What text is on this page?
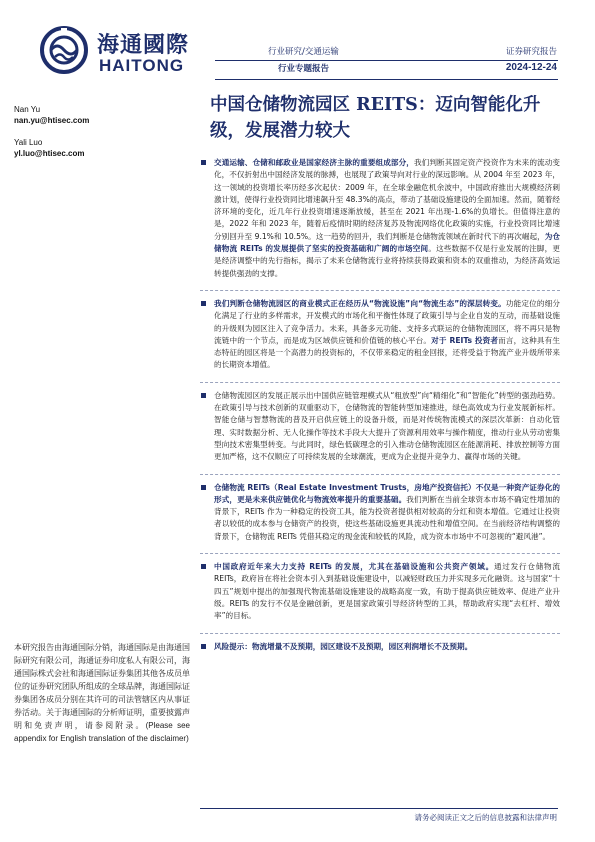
海通國際
HAITONG
行业研究/交通运输
行业专题报告
证券研究报告
2024-12-24
Nan Yu
nan.yu@htisec.com
Yali Luo
yl.luo@htisec.com
中国仓储物流园区 REITS：迈向智能化升级，发展潜力较大
交通运输、仓储和邮政业是国家经济主脉的重要组成部分，我们判断其固定资产投资作为未来的流动变化，不仅折射出中国经济发展的脉搏，也展现了政策导向对行业的深远影响。从 2004 年至 2023 年，这一领域的投资增长率历经多次起伏：2009 年，在全球金融危机余波中，中国政府推出大规模经济刺激计划，使得行业投资同比增速飙升至 48.3%的高点，带动了基础设施建设的全面加速。然而，随着经济环境的变化，近几年行业投资增速逐渐放缓，甚至在 2021 年出现-1.6%的负增长。但值得注意的是，2022 年和 2023 年，随着后疫情时期的经济复苏及物流网络优化政策的实施，行业投资同比增速分别回升至 9.1%和 10.5%。这一趋势的回升，我们判断是仓储物流领域在新时代下的再次崛起，为仓储物流 REITs 的发展提供了坚实的投资基础和广阔的市场空间。这些数据不仅是行业发展的注脚，更是经济调整中的先行指标，揭示了未来仓储物流行业将持续获得政策和资本的双重推动，为经济高效运转提供强劲的支撑。
我们判断仓储物流园区的商业模式正在经历从“物流设施”向“物流生态”的深层转变。功能定位的细分化满足了行业的多样需求，开发模式的市场化和平衡性体现了政策引导与企业自发的互动，而基础设施的升级则为园区注入了竞争活力。未来，具备多元功能、支持多式联运的仓储物流园区，将不再只是物流链中的一个节点，而是成为区域供应链和价值链的核心平台。对于 REITs 投资者而言，这种具有生态特征的园区将是一个高潜力的投资标的，不仅带来稳定的租金回报，还将受益于物流产业升级所带来的长期资本增值。
仓储物流园区的发展正展示出中国供应链管理模式从“粗放型”向“精细化”和“智能化”转型的强劲趋势。在政策引导与技术创新的双重驱动下，仓储物流的智能转型加速推进，绿色高效成为行业发展新标杆。智能仓储与智慧物流的普及开启供应链上的设备升级，而是对传统物流模式的深层次革新：自动化管理、实时数据分析、无人化操作等技术手段大大提升了资源利用效率与操作精度，推动行业从劳动密集型向技术密集型转变。与此同时，绿色低碳理念的引入推动仓储物流园区在能源消耗、排放控制等方面更加严格，这不仅顺应了可持续发展的全球潮流，更成为企业提升竞争力、赢得市场的关键。
仓储物流 REITs（Real Estate Investment Trusts，房地产投资信托）不仅是一种资产证券化的形式，更是未来供应链优化与物流效率提升的重要基础。我们判断在当前全球资本市场不确定性增加的背景下，REITs 作为一种稳定的投资工具，能为投资者提供相对较高的分红和资本增值。它通过让投资者以较低的成本参与仓储资产的投资，使这些基础设施更具流动性和增值空间。在当前经济结构调整的背景下，仓储物流 REITs 凭借其稳定的现金流和较低的风险，成为资本市场中不可忽视的“避风港”。
中国政府近年来大力支持 REITs 的发展，尤其在基础设施和公共资产领域。通过发行仓储物流 REITs，政府旨在将社会资本引入到基础设施建设中，以减轻财政压力并实现多元化融资。这与国家“十四五”规划中提出的加强现代物流基础设施建设的战略高度一致，有助于提高供应链效率、促进产业升级。REITs 的发行不仅是金融创新，更是国家政策引导经济转型的工具，帮助政府实现“去杠杆、增效率”的目标。
风险提示：物流增量不及预期，园区建设不及预期，园区利润增长不及预期。
本研究报告由海通国际分销，海通国际是由海通国际研究有限公司，海通证券印度私人有限公司，海通国际株式会社和海通国际证券集团其他各成员单位的证券研究团队所组成的全球品牌，海通国际证券集团各成员分别在其许可的司法管辖区内从事证券活动。关于海通国际的分析师证明，重要披露声明和免责声明，请参阅附录。(Please see appendix for English translation of the disclaimer)
请务必阅读正文之后的信息披露和法律声明
